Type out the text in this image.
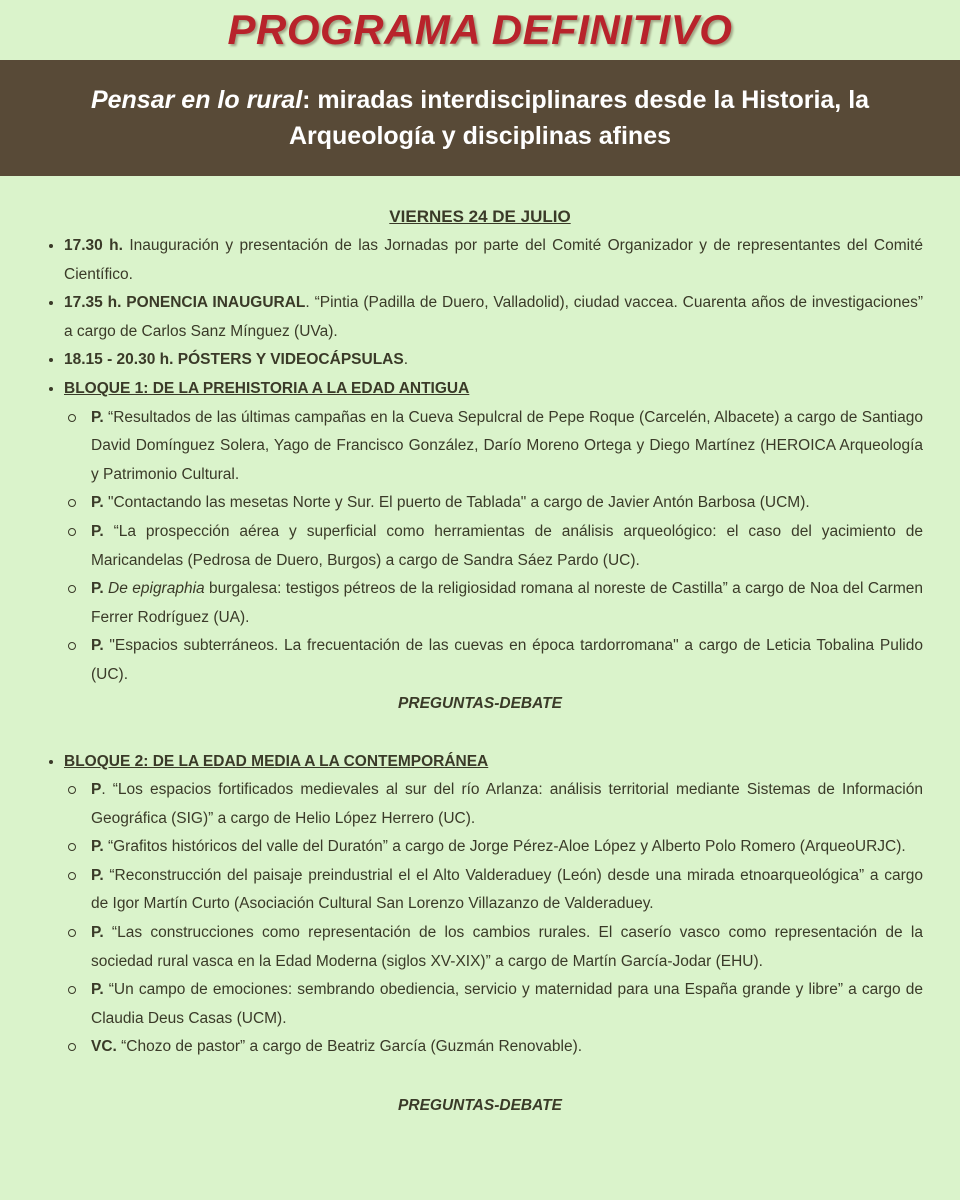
PROGRAMA DEFINITIVO
Pensar en lo rural: miradas interdisciplinares desde la Historia, la Arqueología y disciplinas afines
VIERNES 24 DE JULIO
17.30 h. Inauguración y presentación de las Jornadas por parte del Comité Organizador y de representantes del Comité Científico.
17.35 h. PONENCIA INAUGURAL. “Pintia (Padilla de Duero, Valladolid), ciudad vaccea. Cuarenta años de investigaciones” a cargo de Carlos Sanz Mínguez (UVa).
18.15 - 20.30 h. PÓSTERS Y VIDEOCÁPSULAS.
BLOQUE 1: DE LA PREHISTORIA A LA EDAD ANTIGUA
P. “Resultados de las últimas campañas en la Cueva Sepulcral de Pepe Roque (Carcelén, Albacete) a cargo de Santiago David Domínguez Solera, Yago de Francisco González, Darío Moreno Ortega y Diego Martínez (HEROICA Arqueología y Patrimonio Cultural.
P. "Contactando las mesetas Norte y Sur. El puerto de Tablada" a cargo de Javier Antón Barbosa (UCM).
P. “La prospección aérea y superficial como herramientas de análisis arqueológico: el caso del yacimiento de Maricandelas (Pedrosa de Duero, Burgos) a cargo de Sandra Sáez Pardo (UC).
P. De epigraphia burgalesa: testigos pétreos de la religiosidad romana al noreste de Castilla” a cargo de Noa del Carmen Ferrer Rodríguez (UA).
P. "Espacios subterráneos. La frecuentación de las cuevas en época tardorromana" a cargo de Leticia Tobalina Pulido (UC).

PREGUNTAS-DEBATE

BLOQUE 2: DE LA EDAD MEDIA A LA CONTEMPORÁNEA
P. “Los espacios fortificados medievales al sur del río Arlanza: análisis territorial mediante Sistemas de Información Geográfica (SIG)” a cargo de Helio López Herrero (UC).
P. “Grafitos históricos del valle del Duratón” a cargo de Jorge Pérez-Aloe López y Alberto Polo Romero (ArqueoURJC).
P. “Reconstrucción del paisaje preindustrial el el Alto Valderaduey (León) desde una mirada etnoarqueológica” a cargo de Igor Martín Curto (Asociación Cultural San Lorenzo Villazanzo de Valderaduey.
P. “Las construcciones como representación de los cambios rurales. El caserío vasco como representación de la sociedad rural vasca en la Edad Moderna (siglos XV-XIX)” a cargo de Martín García-Jodar (EHU).
P. “Un campo de emociones: sembrando obediencia, servicio y maternidad para una España grande y libre” a cargo de Claudia Deus Casas (UCM).
VC. “Chozo de pastor” a cargo de Beatriz García (Guzmán Renovable).

PREGUNTAS-DEBATE
